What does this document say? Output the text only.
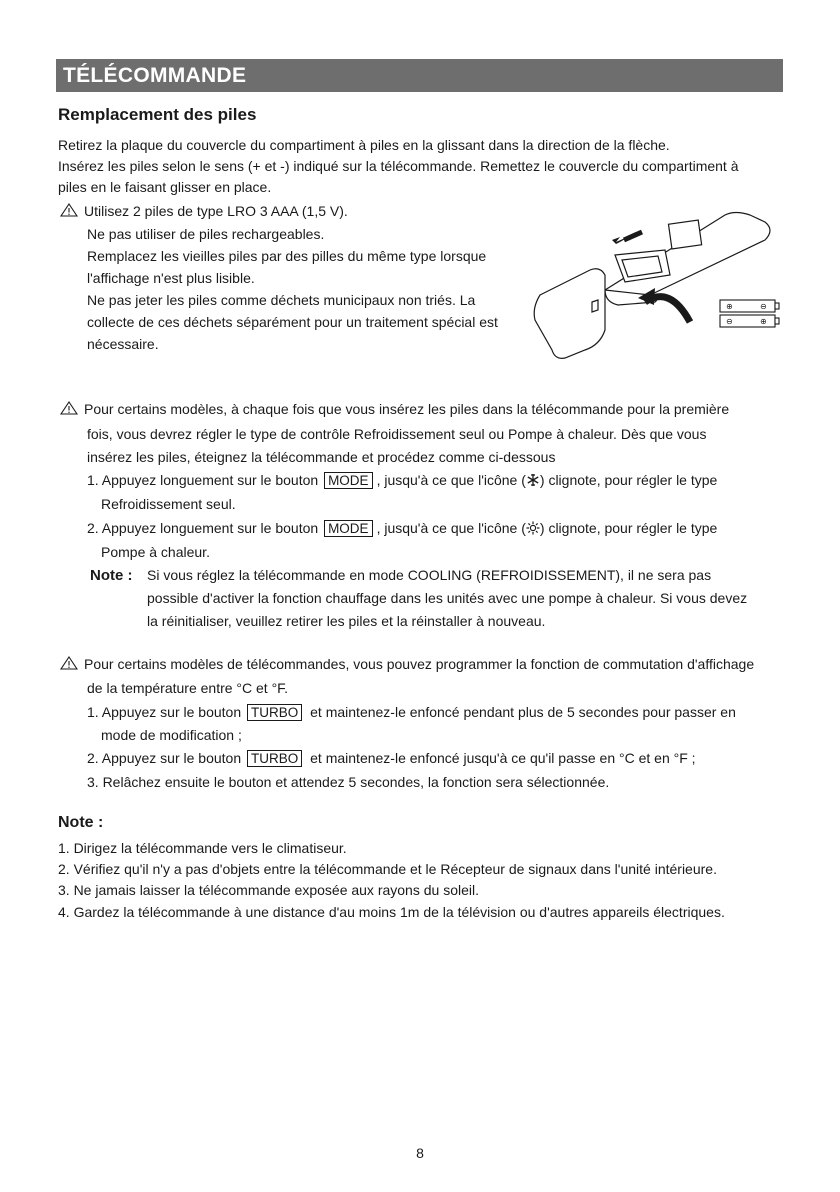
TÉLÉCOMMANDE
Remplacement des piles

Retirez la plaque du couvercle du compartiment à piles en la glissant dans la direction de la flèche.

Insérez les piles selon le sens (+ et -) indiqué sur la télécommande. Remettez le couvercle du compartiment à

piles en le faisant glisser en place.

Utilisez 2 piles de type LRO 3 AAA (1,5 V).

Ne pas utiliser de piles rechargeables.

Remplacez les vieilles piles par des pilles du même type lorsque

l'affichage n'est plus lisible.

Ne pas jeter les piles comme déchets municipaux non triés. La

collecte de ces déchets séparément pour un traitement spécial est

nécessaire.

⊕	⊖
⊖	⊕

Pour certains modèles, à chaque fois que vous insérez les piles dans la télécommande pour la première

fois, vous devrez régler le type de contrôle Refroidissement seul ou Pompe à chaleur. Dès que vous

insérez les piles, éteignez la télécommande et procédez comme ci-dessous

1. Appuyez longuement sur le bouton MODE , jusqu'à ce que l'icône ( ) clignote, pour régler le type

Refroidissement seul.

2. Appuyez longuement sur le bouton MODE , jusqu'à ce que l'icône ( ) clignote, pour régler le type

Pompe à chaleur.

Note : Si vous réglez la télécommande en mode COOLING (REFROIDISSEMENT), il ne sera pas

possible d'activer la fonction chauffage dans les unités avec une pompe à chaleur. Si vous devez

la réinitialiser, veuillez retirer les piles et la réinstaller à nouveau.

Pour certains modèles de télécommandes, vous pouvez programmer la fonction de commutation d'affichage

de la température entre °C et °F.

1. Appuyez sur le bouton TURBO et maintenez-le enfoncé pendant plus de 5 secondes pour passer en

mode de modification ;

2. Appuyez sur le bouton TURBO et maintenez-le enfoncé jusqu'à ce qu'il passe en °C et en °F ;

3. Relâchez ensuite le bouton et attendez 5 secondes, la fonction sera sélectionnée.

Note :

1. Dirigez la télécommande vers le climatiseur.

2. Vérifiez qu'il n'y a pas d'objets entre la télécommande et le Récepteur de signaux dans l'unité intérieure.

3. Ne jamais laisser la télécommande exposée aux rayons du soleil.

4. Gardez la télécommande à une distance d'au moins 1m de la télévision ou d'autres appareils électriques.

8
